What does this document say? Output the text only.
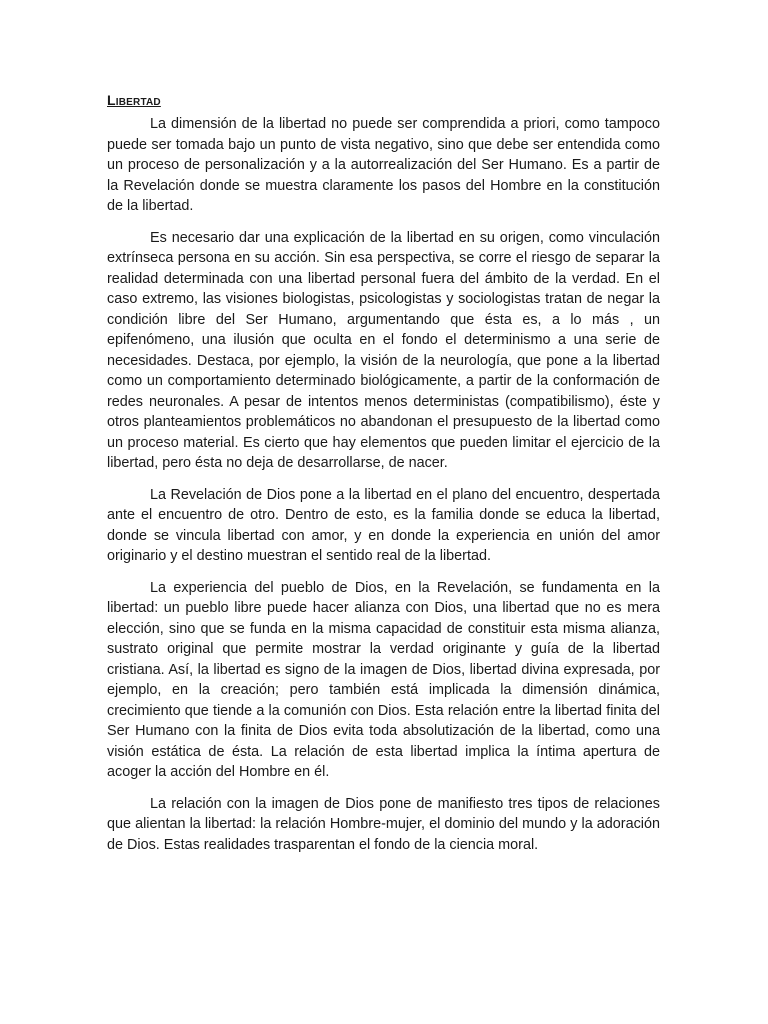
Libertad

La dimensión de la libertad no puede ser comprendida a priori, como tampoco puede ser tomada bajo un punto de vista negativo, sino que debe ser entendida como un proceso de personalización y a la autorrealización del Ser Humano. Es a partir de la Revelación donde se muestra claramente los pasos del Hombre en la constitución de la libertad.

Es necesario dar una explicación de la libertad en su origen, como vinculación extrínseca persona en su acción. Sin esa perspectiva, se corre el riesgo de separar la realidad determinada con una libertad personal fuera del ámbito de la verdad. En el caso extremo, las visiones biologistas, psicologistas y sociologistas tratan de negar la condición libre del Ser Humano, argumentando que ésta es, a lo más , un epifenómeno, una ilusión que oculta en el fondo el determinismo a una serie de necesidades. Destaca, por ejemplo, la visión de la neurología, que pone a la libertad como un comportamiento determinado biológicamente, a partir de la conformación de redes neuronales. A pesar de intentos menos deterministas (compatibilismo), éste y otros planteamientos problemáticos no abandonan el presupuesto de la libertad como un proceso material. Es cierto que hay elementos que pueden limitar el ejercicio de la libertad, pero ésta no deja de desarrollarse, de nacer.

La Revelación de Dios pone a la libertad en el plano del encuentro, despertada ante el encuentro de otro. Dentro de esto, es la familia donde se educa la libertad, donde se vincula libertad con amor, y en donde la experiencia en unión del amor originario y el destino muestran el sentido real de la libertad.

La experiencia del pueblo de Dios, en la Revelación, se fundamenta en la libertad: un pueblo libre puede hacer alianza con Dios, una libertad que no es mera elección, sino que se funda en la misma capacidad de constituir esta misma alianza, sustrato original que permite mostrar la verdad originante y guía de la libertad cristiana. Así, la libertad es signo de la imagen de Dios, libertad divina expresada, por ejemplo, en la creación; pero también está implicada la dimensión dinámica, crecimiento que tiende a la comunión con Dios. Esta relación entre la libertad finita del Ser Humano con la finita de Dios evita toda absolutización de la libertad, como una visión estática de ésta. La relación de esta libertad implica la íntima apertura de acoger la acción del Hombre en él.

La relación con la imagen de Dios pone de manifiesto tres tipos de relaciones que alientan la libertad: la relación Hombre-mujer, el dominio del mundo y la adoración de Dios. Estas realidades trasparentan el fondo de la ciencia moral.
